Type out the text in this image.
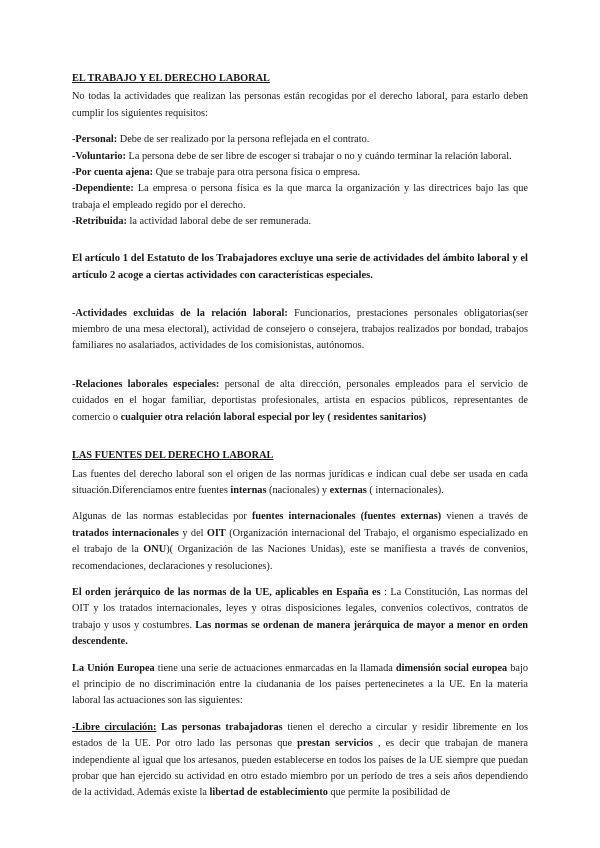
EL TRABAJO Y EL DERECHO LABORAL

No todas la actividades que realizan las personas están recogidas por el derecho laboral, para estarlo deben cumplir los siguientes requisitos:

-Personal: Debe de ser realizado por la persona reflejada en el contrato.

-Voluntario: La persona debe de ser libre de escoger si trabajar o no y cuándo terminar la relación laboral.

-Por cuenta ajena: Que se trabaje para otra persona física o empresa.

-Dependiente: La empresa o persona física es la que marca la organización y las directrices bajo las que trabaja el empleado regido por el derecho.

-Retribuida: la actividad laboral debe de ser remunerada.

El artículo 1 del Estatuto de los Trabajadores excluye una serie de actividades del ámbito laboral y el artículo 2 acoge a ciertas actividades con características especiales.

-Actividades excluidas de la relación laboral: Funcionarios, prestaciones personales obligatorias(ser miembro de una mesa electoral), actividad de consejero o consejera, trabajos realizados por bondad, trabajos familiares no asalariados, actividades de los comisionistas, autónomos.

-Relaciones laborales especiales: personal de alta dirección, personales empleados para el servicio de cuidados en el hogar familiar, deportistas profesionales, artista en espacios públicos, representantes de comercio o cualquier otra relación laboral especial por ley ( residentes sanitarios)

LAS FUENTES DEL DERECHO LABORAL

Las fuentes del derecho laboral son el origen de las normas jurídicas e indican cual debe ser usada en cada situación.Diferenciamos entre fuentes internas (nacionales) y externas ( internacionales).

Algunas de las normas establecidas por fuentes internacionales (fuentes externas) vienen a través de tratados internacionales y del OIT (Organización internacional del Trabajo, el organismo especializado en el trabajo de la ONU)( Organización de las Naciones Unidas), este se manifiesta a través de convenios, recomendaciones, declaraciones y resoluciones).

El orden jerárquico de las normas de la UE, aplicables en España es : La Constitución, Las normas del OIT y los tratados internacionales, leyes y otras disposiciones legales, convenios colectivos, contratos de trabajo y usos y costumbres. Las normas se ordenan de manera jerárquica de mayor a menor en orden descendente.

La Unión Europea tiene una serie de actuaciones enmarcadas en la llamada dimensión social europea bajo el principio de no discriminación entre la ciudanania de los países pertenecinetes a la UE. En la materia laboral las actuaciones son las siguientes:

-Libre circulación: Las personas trabajadoras tienen el derecho a circular y residir libremente en los estados de la UE. Por otro lado las personas que prestan servicios , es decir que trabajan de manera independiente al igual que los artesanos, pueden establecerse en todos los países de la UE siempre que puedan probar que han ejercido su actividad en otro estado miembro por un período de tres a seis años dependiendo de la actividad. Además existe la libertad de establecimiento que permite la posibilidad de
